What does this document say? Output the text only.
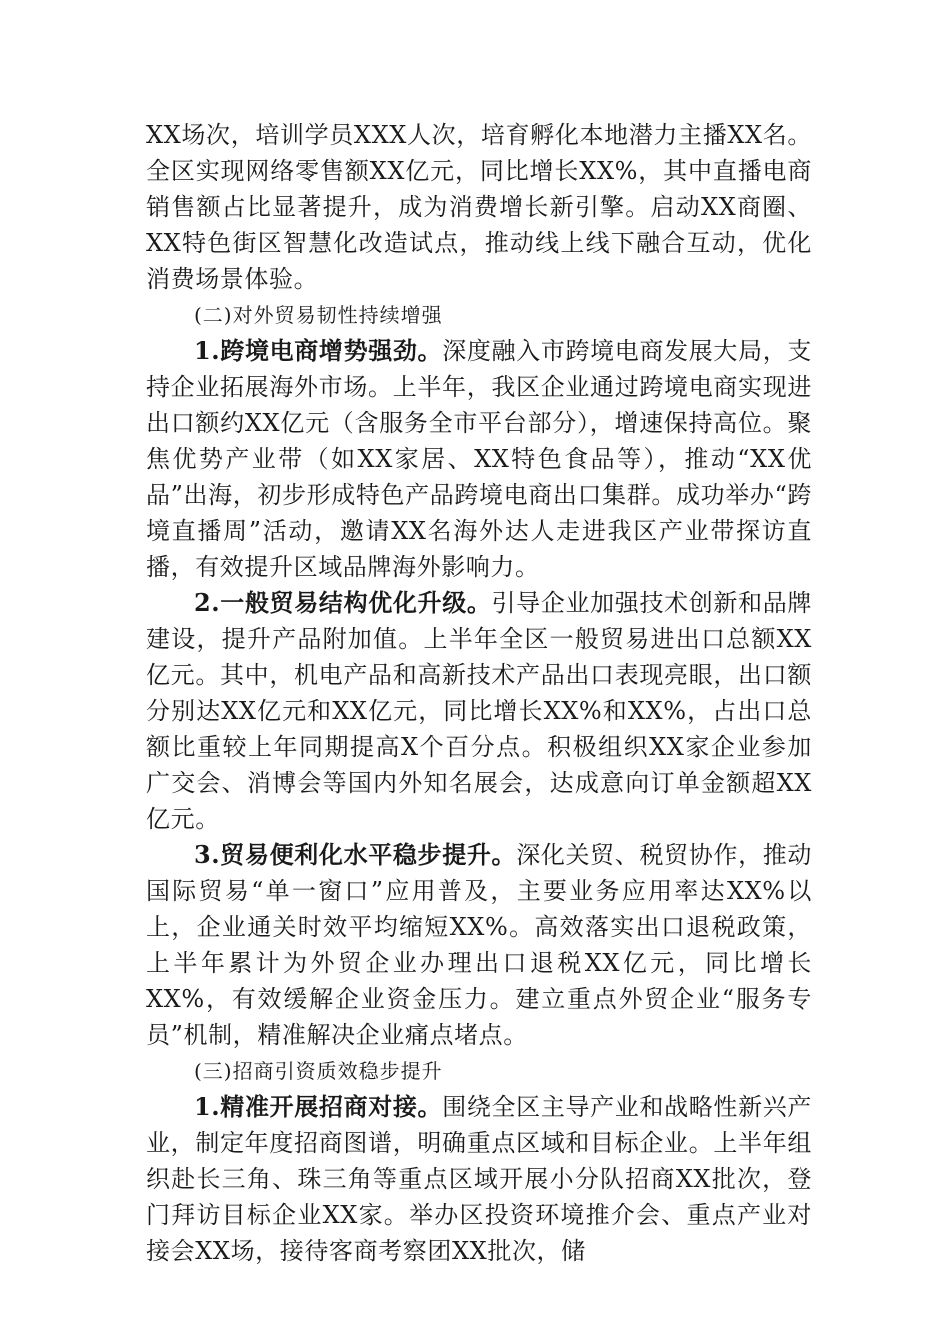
XX场次，培训学员XXX人次，培育孵化本地潜力主播XX名。全区实现网络零售额XX亿元，同比增长XX%，其中直播电商销售额占比显著提升，成为消费增长新引擎。启动XX商圈、XX特色街区智慧化改造试点，推动线上线下融合互动，优化消费场景体验。

(二)对外贸易韧性持续增强

1.跨境电商增势强劲。深度融入市跨境电商发展大局，支持企业拓展海外市场。上半年，我区企业通过跨境电商实现进出口额约XX亿元（含服务全市平台部分），增速保持高位。聚焦优势产业带（如XX家居、XX特色食品等），推动“XX优品”出海，初步形成特色产品跨境电商出口集群。成功举办“跨境直播周”活动，邀请XX名海外达人走进我区产业带探访直播，有效提升区域品牌海外影响力。

2.一般贸易结构优化升级。引导企业加强技术创新和品牌建设，提升产品附加值。上半年全区一般贸易进出口总额XX亿元。其中，机电产品和高新技术产品出口表现亮眼，出口额分别达XX亿元和XX亿元，同比增长XX%和XX%，占出口总额比重较上年同期提高X个百分点。积极组织XX家企业参加广交会、消博会等国内外知名展会，达成意向订单金额超XX亿元。

3.贸易便利化水平稳步提升。深化关贸、税贸协作，推动国际贸易“单一窗口”应用普及，主要业务应用率达XX%以上，企业通关时效平均缩短XX%。高效落实出口退税政策，上半年累计为外贸企业办理出口退税XX亿元，同比增长XX%，有效缓解企业资金压力。建立重点外贸企业“服务专员”机制，精准解决企业痛点堵点。

(三)招商引资质效稳步提升

1.精准开展招商对接。围绕全区主导产业和战略性新兴产业，制定年度招商图谱，明确重点区域和目标企业。上半年组织赴长三角、珠三角等重点区域开展小分队招商XX批次，登门拜访目标企业XX家。举办区投资环境推介会、重点产业对接会XX场，接待客商考察团XX批次，储
